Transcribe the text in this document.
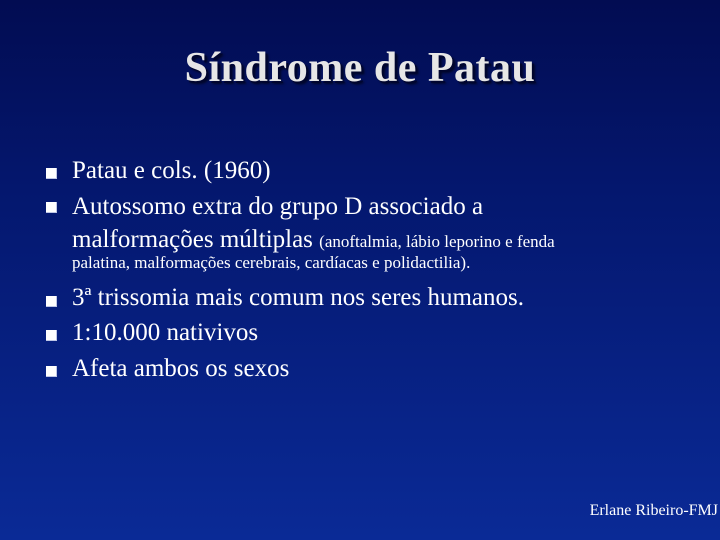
Síndrome de Patau
Patau e cols. (1960)
Autossomo extra do grupo D associado a
malformações múltiplas (anoftalmia, lábio leporino e fenda
palatina, malformações cerebrais, cardíacas e polidactilia).
3ª trissomia mais comum nos seres humanos.
1:10.000 nativivos
Afeta ambos os sexos
Erlane Ribeiro-FMJ
